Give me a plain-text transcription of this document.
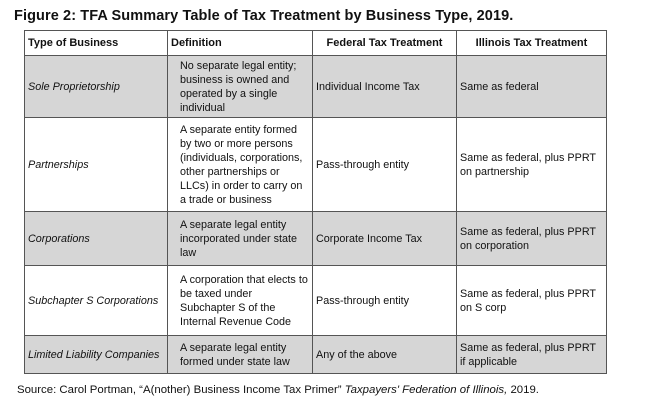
Figure 2: TFA Summary Table of Tax Treatment by Business Type, 2019.
Type of Business	Definition	Federal Tax Treatment	Illinois Tax Treatment
Sole Proprietorship	No separate legal entity; business is owned and operated by a single individual	Individual Income Tax	Same as federal
Partnerships	A separate entity formed by two or more persons (individuals, corporations, other partnerships or LLCs) in order to carry on a trade or business	Pass-through entity	Same as federal, plus PPRT on partnership
Corporations	A separate legal entity incorporated under state law	Corporate Income Tax	Same as federal, plus PPRT on corporation
Subchapter S Corporations	A corporation that elects to be taxed under Subchapter S of the Internal Revenue Code	Pass-through entity	Same as federal, plus PPRT on S corp
Limited Liability Companies	A separate legal entity formed under state law	Any of the above	Same as federal, plus PPRT if applicable
Source: Carol Portman, “A(nother) Business Income Tax Primer” Taxpayers' Federation of Illinois, 2019.
